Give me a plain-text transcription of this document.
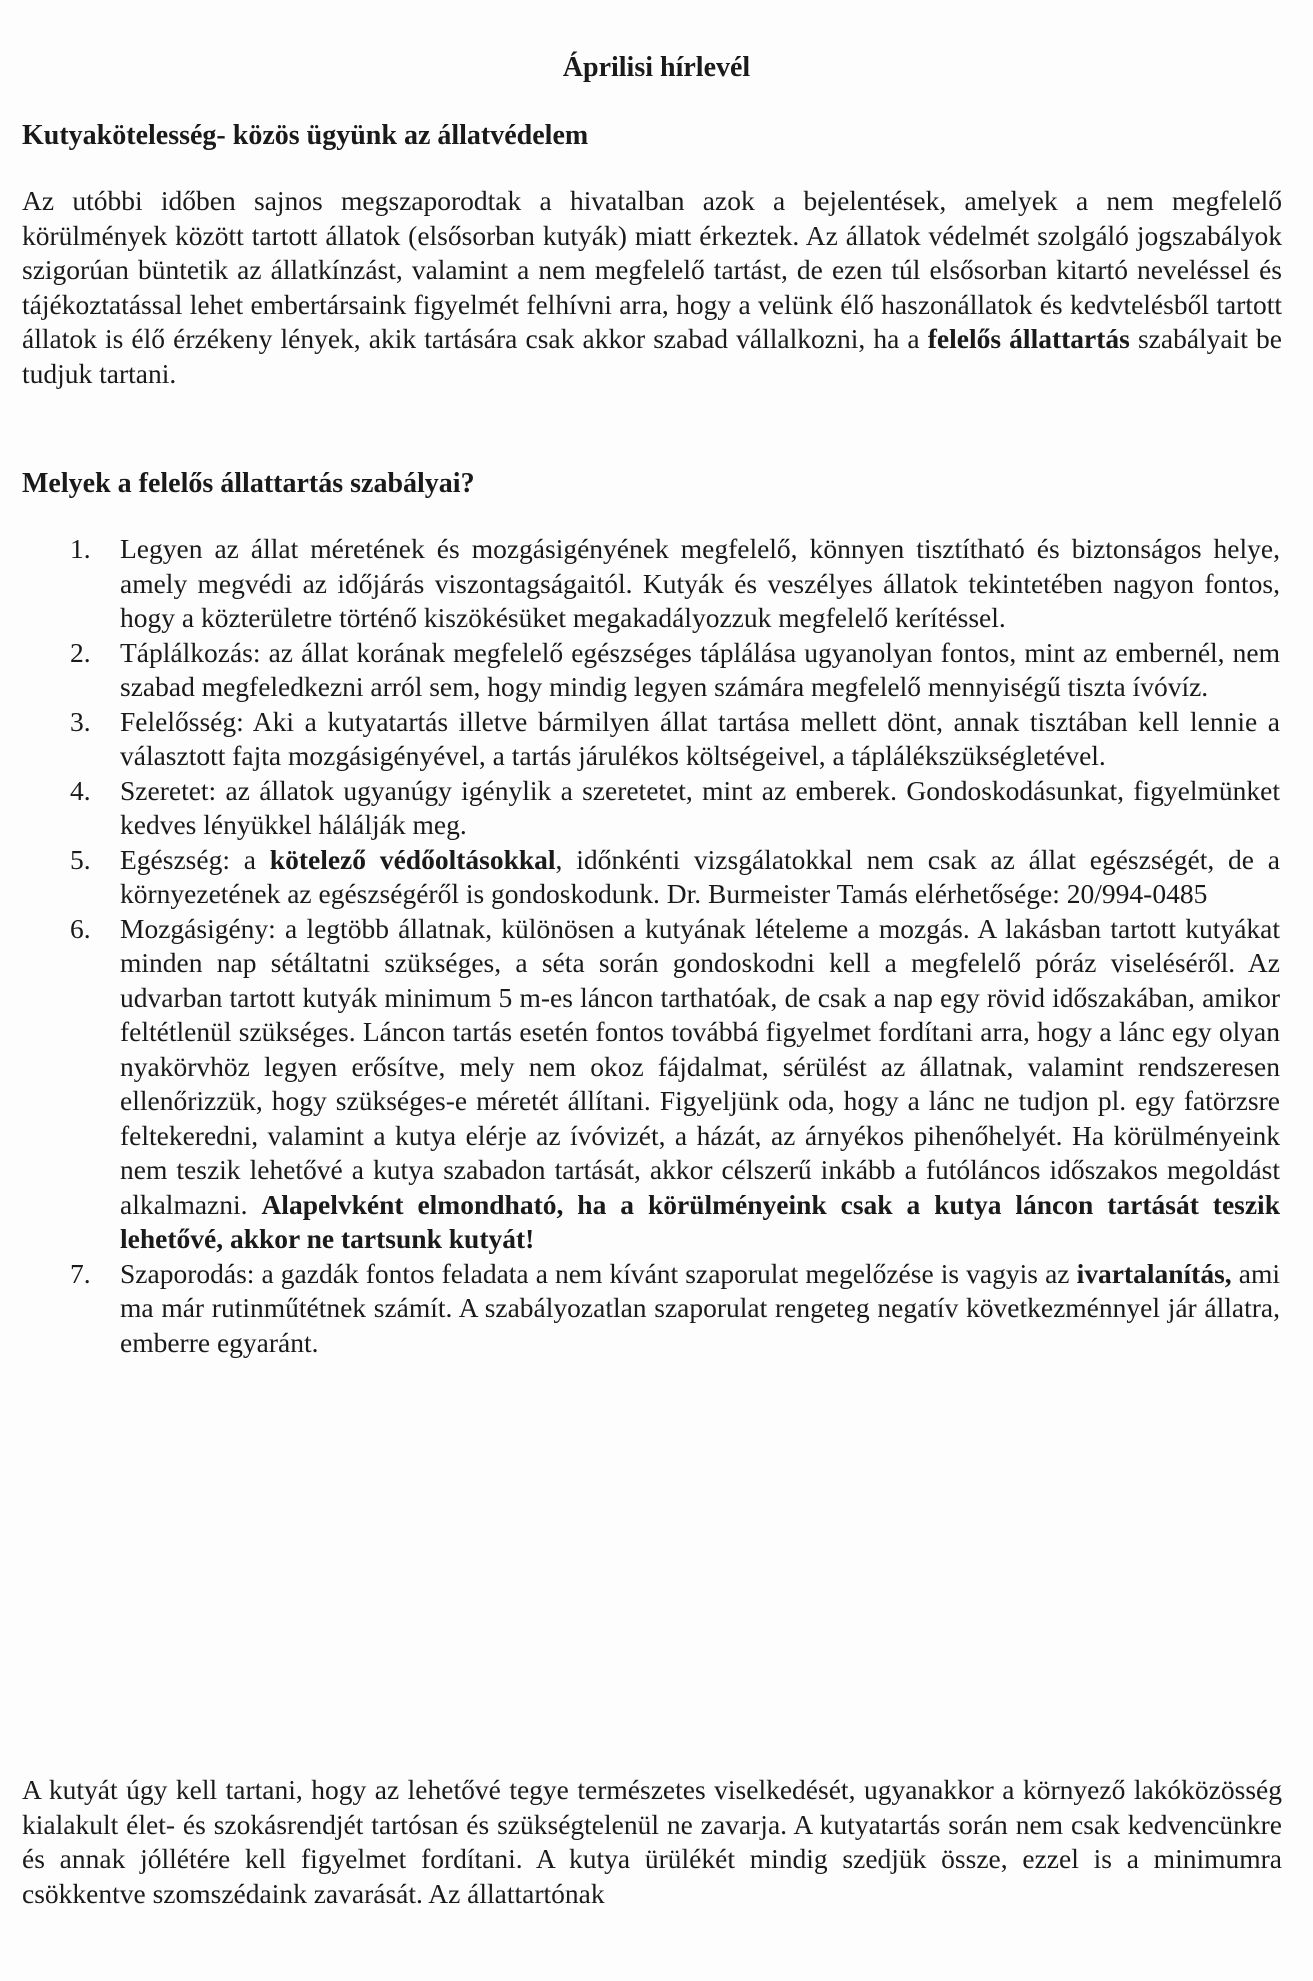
Áprilisi hírlevél
Kutyakötelesség- közös ügyünk az állatvédelem

Az utóbbi időben sajnos megszaporodtak a hivatalban azok a bejelentések, amelyek a nem megfelelő körülmények között tartott állatok (elsősorban kutyák) miatt érkeztek. Az állatok védelmét szolgáló jogszabályok szigorúan büntetik az állatkínzást, valamint a nem megfelelő tartást, de ezen túl elsősorban kitartó neveléssel és tájékoztatással lehet embertársaink figyelmét felhívni arra, hogy a velünk élő haszonállatok és kedvtelésből tartott állatok is élő érzékeny lények, akik tartására csak akkor szabad vállalkozni, ha a felelős állattartás szabályait be tudjuk tartani.

Melyek a felelős állattartás szabályai?
1. Legyen az állat méretének és mozgásigényének megfelelő, könnyen tisztítható és biztonságos helye, amely megvédi az időjárás viszontagságaitól. Kutyák és veszélyes állatok tekintetében nagyon fontos, hogy a közterületre történő kiszökésüket megakadályozzuk megfelelő kerítéssel.
2. Táplálkozás: az állat korának megfelelő egészséges táplálása ugyanolyan fontos, mint az embernél, nem szabad megfeledkezni arról sem, hogy mindig legyen számára megfelelő mennyiségű tiszta ívóvíz.
3. Felelősség: Aki a kutyatartás illetve bármilyen állat tartása mellett dönt, annak tisztában kell lennie a választott fajta mozgásigényével, a tartás járulékos költségeivel, a táplálékszükségletével.
4. Szeretet: az állatok ugyanúgy igénylik a szeretetet, mint az emberek. Gondoskodásunkat, figyelmünket kedves lényükkel hálálják meg.
5. Egészség: a kötelező védőoltásokkal, időnkénti vizsgálatokkal nem csak az állat egészségét, de a környezetének az egészségéről is gondoskodunk. Dr. Burmeister Tamás elérhetősége: 20/994-0485
6. Mozgásigény: a legtöbb állatnak, különösen a kutyának lételeme a mozgás. A lakásban tartott kutyákat minden nap sétáltatni szükséges, a séta során gondoskodni kell a megfelelő póráz viseléséről. Az udvarban tartott kutyák minimum 5 m-es láncon tarthatóak, de csak a nap egy rövid időszakában, amikor feltétlenül szükséges. Láncon tartás esetén fontos továbbá figyelmet fordítani arra, hogy a lánc egy olyan nyakörvhöz legyen erősítve, mely nem okoz fájdalmat, sérülést az állatnak, valamint rendszeresen ellenőrizzük, hogy szükséges-e méretét állítani. Figyeljünk oda, hogy a lánc ne tudjon pl. egy fatörzsre feltekeredni, valamint a kutya elérje az ívóvizét, a házát, az árnyékos pihenőhelyét. Ha körülményeink nem teszik lehetővé a kutya szabadon tartását, akkor célszerű inkább a futóláncos időszakos megoldást alkalmazni. Alapelvként elmondható, ha a körülményeink csak a kutya láncon tartását teszik lehetővé, akkor ne tartsunk kutyát!
7. Szaporodás: a gazdák fontos feladata a nem kívánt szaporulat megelőzése is vagyis az ivartalanítás, ami ma már rutinműtétnek számít. A szabályozatlan szaporulat rengeteg negatív következménnyel jár állatra, emberre egyaránt.

A kutyát úgy kell tartani, hogy az lehetővé tegye természetes viselkedését, ugyanakkor a környező lakóközösség kialakult élet- és szokásrendjét tartósan és szükségtelenül ne zavarja. A kutyatartás során nem csak kedvencünkre és annak jóllétére kell figyelmet fordítani. A kutya ürülékét mindig szedjük össze, ezzel is a minimumra csökkentve szomszédaink zavarását. Az állattartónak
